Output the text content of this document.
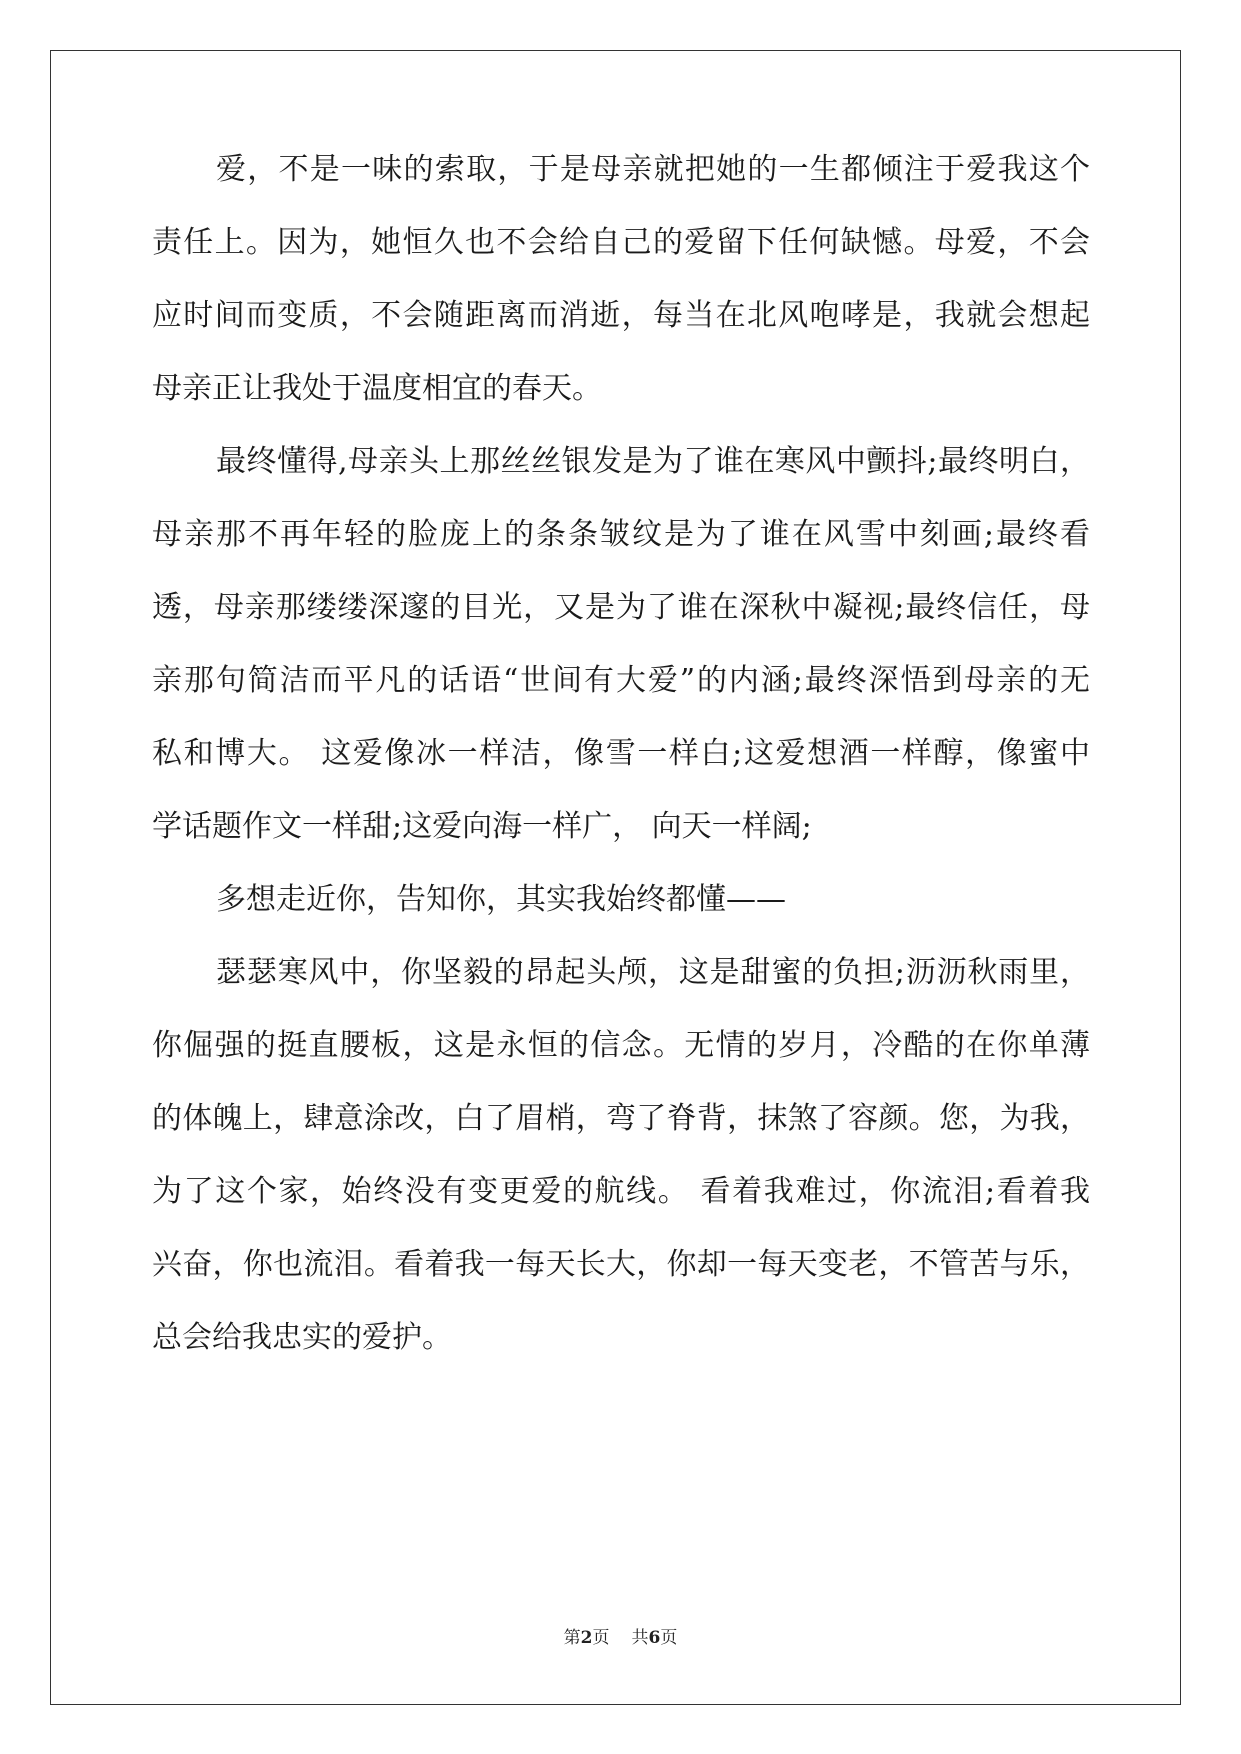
爱，不是一味的索取，于是母亲就把她的一生都倾注于爱我这个
责任上。因为，她恒久也不会给自己的爱留下任何缺憾。母爱，不会
应时间而变质，不会随距离而消逝，每当在北风咆哮是，我就会想起
母亲正让我处于温度相宜的春天。
最终懂得,母亲头上那丝丝银发是为了谁在寒风中颤抖;最终明白，
母亲那不再年轻的脸庞上的条条皱纹是为了谁在风雪中刻画;最终看
透，母亲那缕缕深邃的目光，又是为了谁在深秋中凝视;最终信任，母
亲那句简洁而平凡的话语“世间有大爱”的内涵;最终深悟到母亲的无
私和博大。 这爱像冰一样洁，像雪一样白;这爱想酒一样醇，像蜜中
学话题作文一样甜;这爱向海一样广， 向天一样阔;
多想走近你，告知你，其实我始终都懂——
瑟瑟寒风中，你坚毅的昂起头颅，这是甜蜜的负担;沥沥秋雨里，
你倔强的挺直腰板，这是永恒的信念。无情的岁月，冷酷的在你单薄
的体魄上，肆意涂改，白了眉梢，弯了脊背，抹煞了容颜。您，为我，
为了这个家，始终没有变更爱的航线。 看着我难过，你流泪;看着我
兴奋，你也流泪。看着我一每天长大，你却一每天变老，不管苦与乐，
总会给我忠实的爱护。
第2页 共6页
